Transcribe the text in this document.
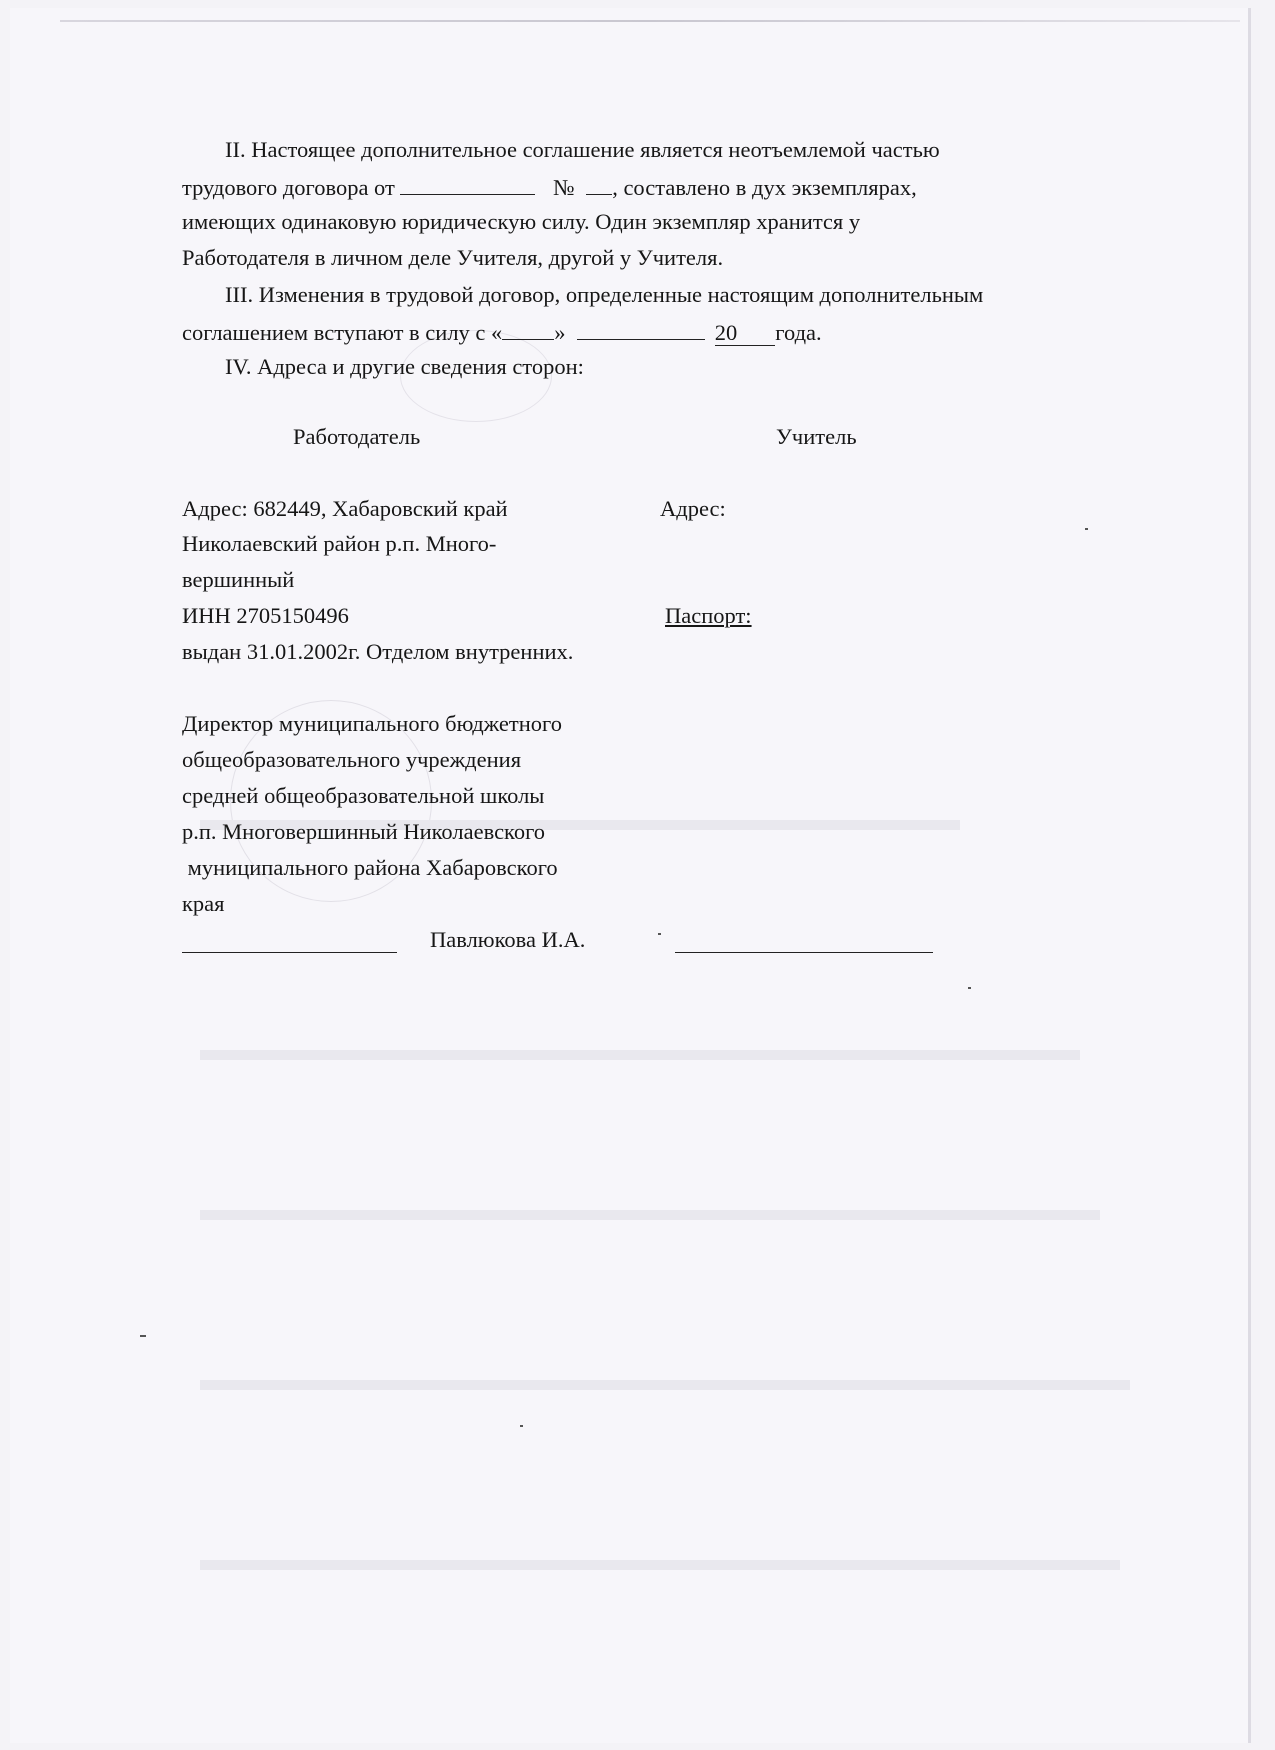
II. Настоящее дополнительное соглашение является неотъемлемой частью
трудового договора от	№ , составлено в дух экземплярах,
имеющих одинаковую юридическую силу. Один экземпляр хранится у
Работодателя в личном деле Учителя, другой у Учителя.
III. Изменения в трудовой договор, определенные настоящим дополнительным
соглашением вступают в силу с « »	20 года.
IV. Адреса и другие сведения сторон:
Работодатель	Учитель
Адрес: 682449, Хабаровский край
Николаевский район р.п. Много-
вершинный
ИНН 2705150496
выдан 31.01.2002г. Отделом внутренних.
Адрес:
Паспорт:
Директор муниципального бюджетного
общеобразовательного учреждения
средней общеобразовательной школы
р.п. Многовершинный Николаевского
муниципального района Хабаровского
края
Павлюкова И.А.
